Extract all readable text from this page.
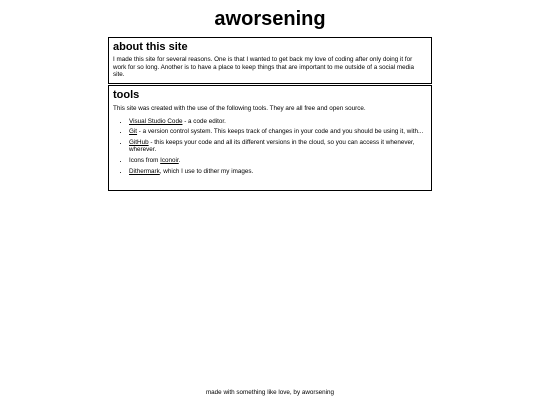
aworsening
about this site

I made this site for several reasons. One is that I wanted to get back my love of coding after only doing it for work for so long. Another is to have a place to keep things that are important to me outside of a social media site.

tools

This site was created with the use of the following tools. They are all free and open source.

• Visual Studio Code - a code editor.
• Git - a version control system. This keeps track of changes in your code and you should be using it, with...
• GitHub - this keeps your code and all its different versions in the cloud, so you can access it whenever, wherever.
• Icons from Iconoir.
• Dithermark, which I use to dither my images.
made with something like love, by aworsening
